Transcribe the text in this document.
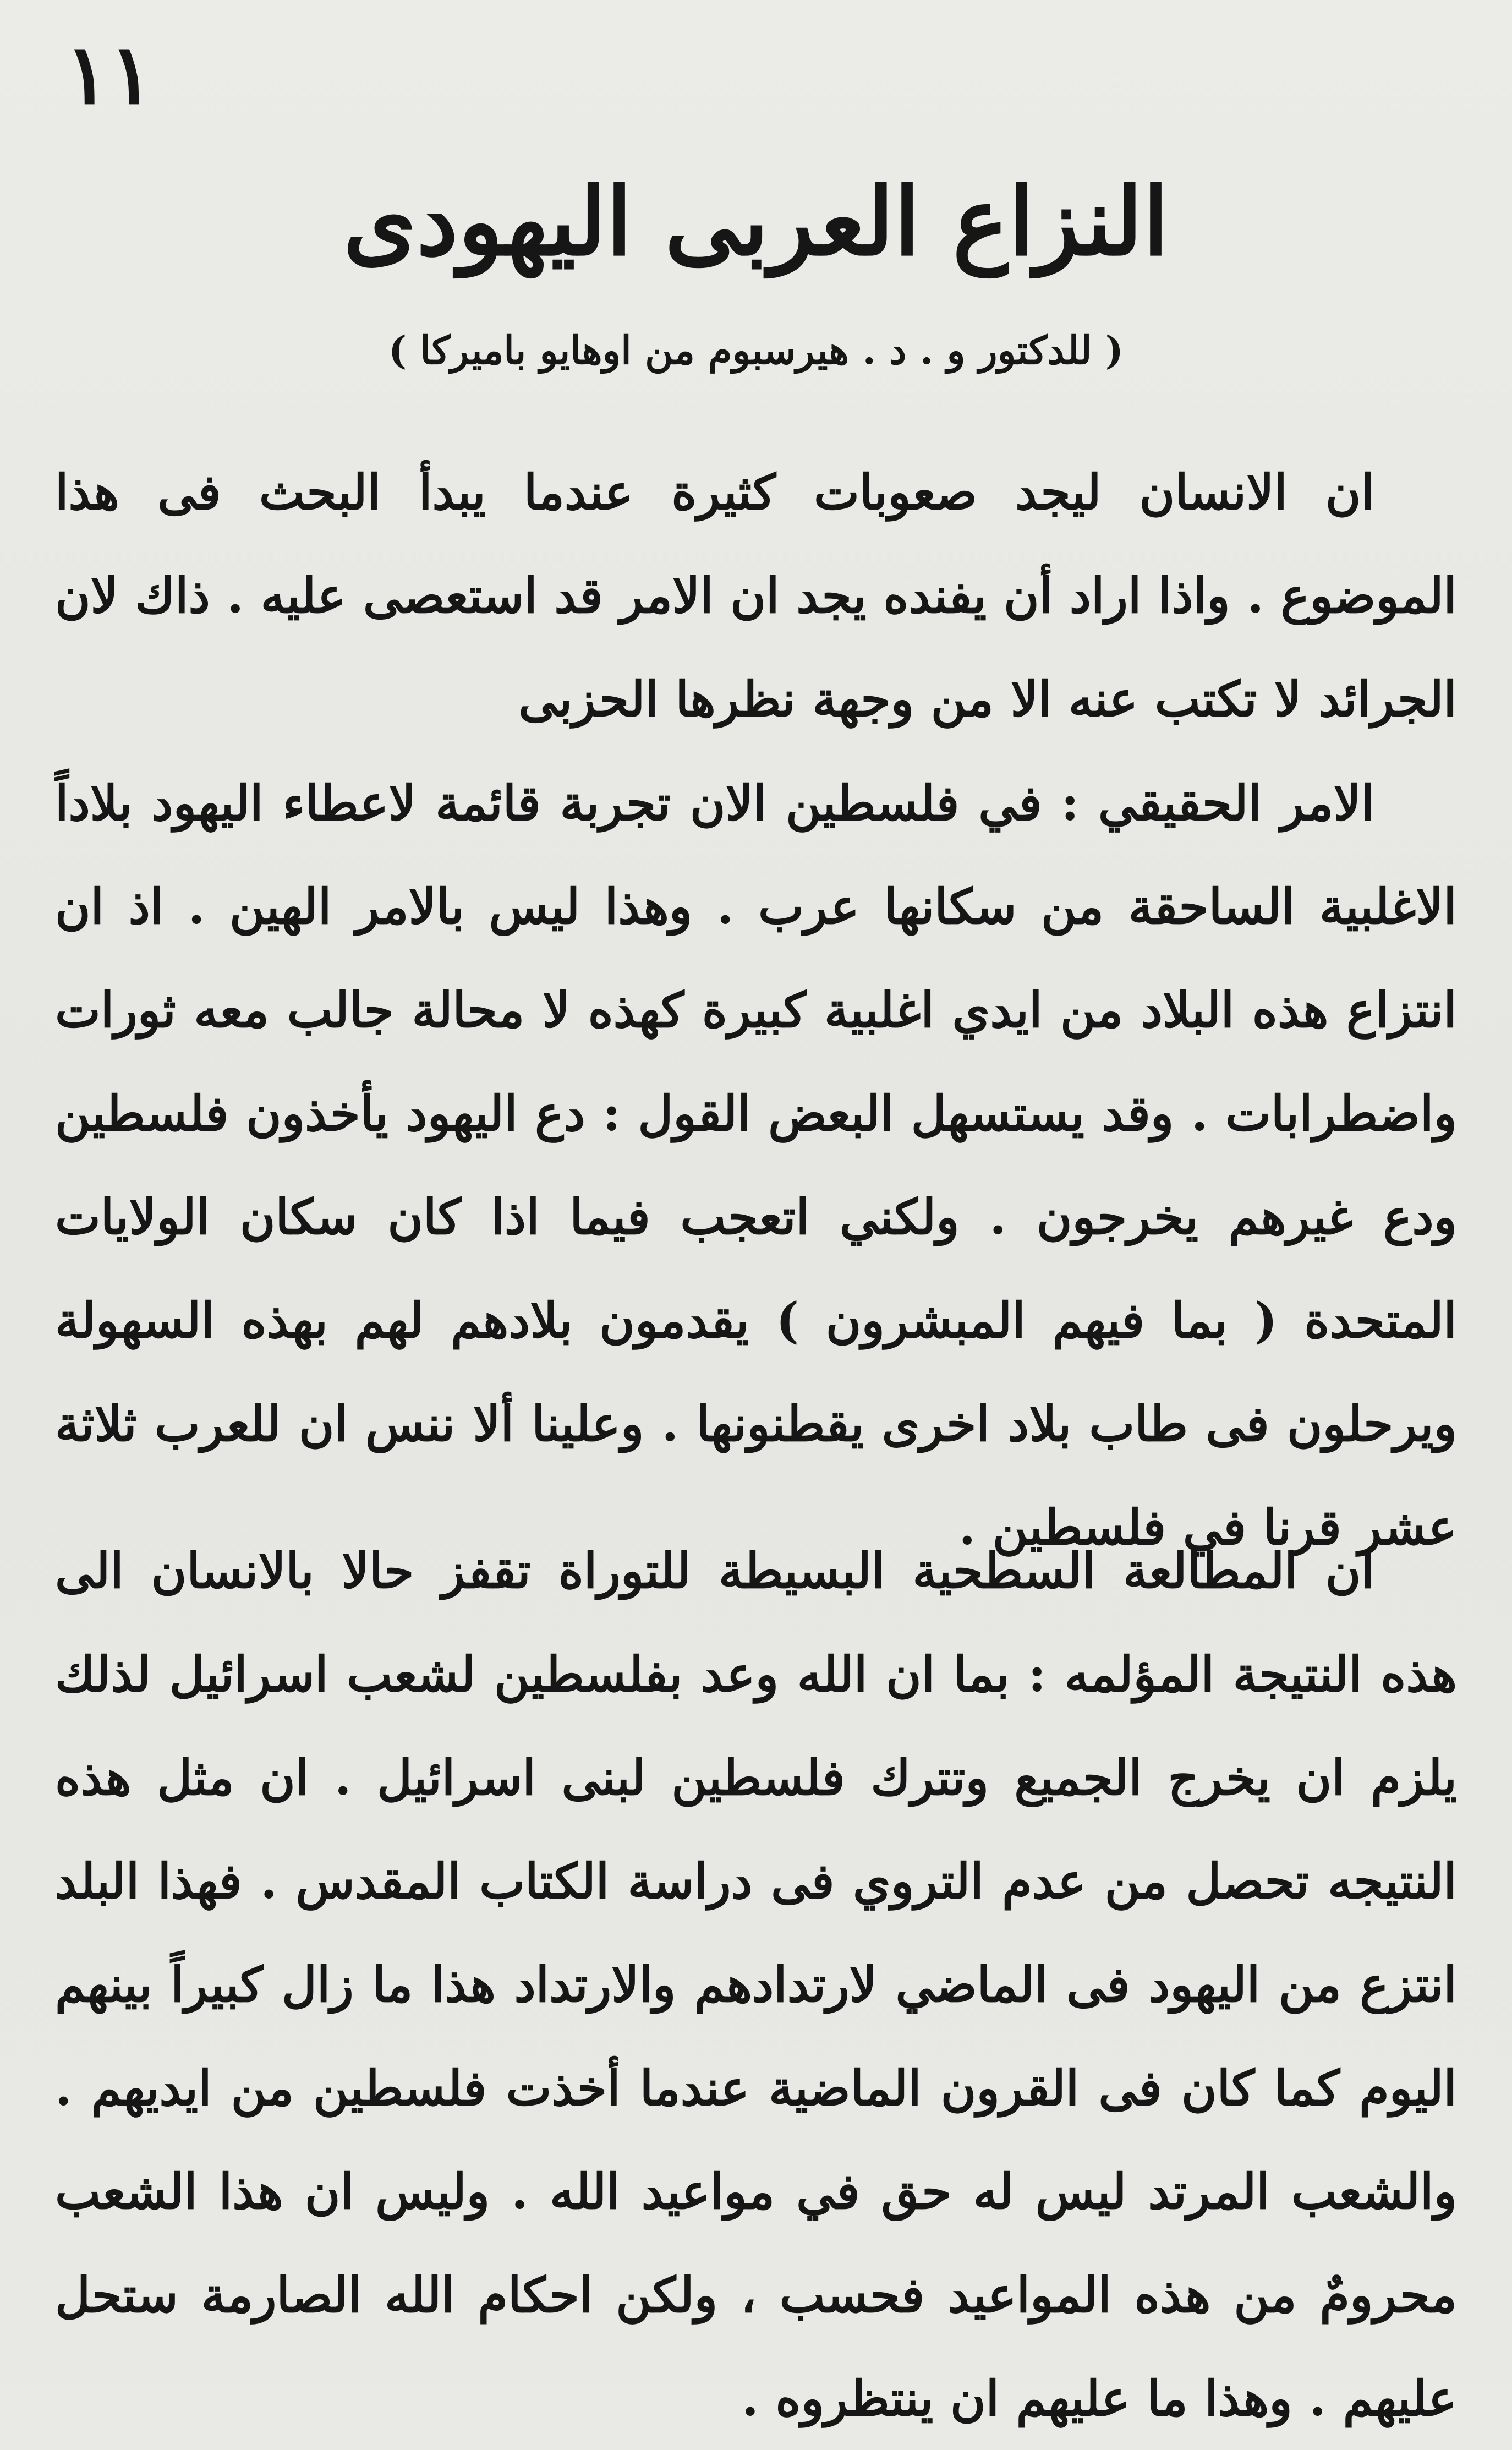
١١
النزاع العربى اليهودى
( للدكتور و . د . هيرسبوم من اوهايو باميركا )

ان الانسان ليجد صعوبات كثيرة عندما يبدأ البحث فى هذا الموضوع . واذا اراد أن يفنده يجد ان الامر قد استعصى عليه . ذاك لان الجرائد لا تكتب عنه الا من وجهة نظرها الحزبى

الامر الحقيقي : في فلسطين الان تجربة قائمة لاعطاء اليهود بلاداً الاغلبية الساحقة من سكانها عرب . وهذا ليس بالامر الهين . اذ ان انتزاع هذه البلاد من ايدي اغلبية كبيرة كهذه لا محالة جالب معه ثورات واضطرابات . وقد يستسهل البعض القول : دع اليهود يأخذون فلسطين ودع غيرهم يخرجون . ولكني اتعجب فيما اذا كان سكان الولايات المتحدة ( بما فيهم المبشرون ) يقدمون بلادهم لهم بهذه السهولة ويرحلون فى طاب بلاد اخرى يقطنونها . وعلينا ألا ننس ان للعرب ثلاثة عشر قرنا في فلسطين .

ان المطالعة السطحية البسيطة للتوراة تقفز حالا بالانسان الى هذه النتيجة المؤلمه : بما ان الله وعد بفلسطين لشعب اسرائيل لذلك يلزم ان يخرج الجميع وتترك فلسطين لبنى اسرائيل . ان مثل هذه النتيجه تحصل من عدم التروي فى دراسة الكتاب المقدس . فهذا البلد انتزع من اليهود فى الماضي لارتدادهم والارتداد هذا ما زال كبيراً بينهم اليوم كما كان فى القرون الماضية عندما أخذت فلسطين من ايديهم . والشعب المرتد ليس له حق في مواعيد الله . وليس ان هذا الشعب محرومٌ من هذه المواعيد فحسب ، ولكن احكام الله الصارمة ستحل عليهم . وهذا ما عليهم ان ينتظروه .
